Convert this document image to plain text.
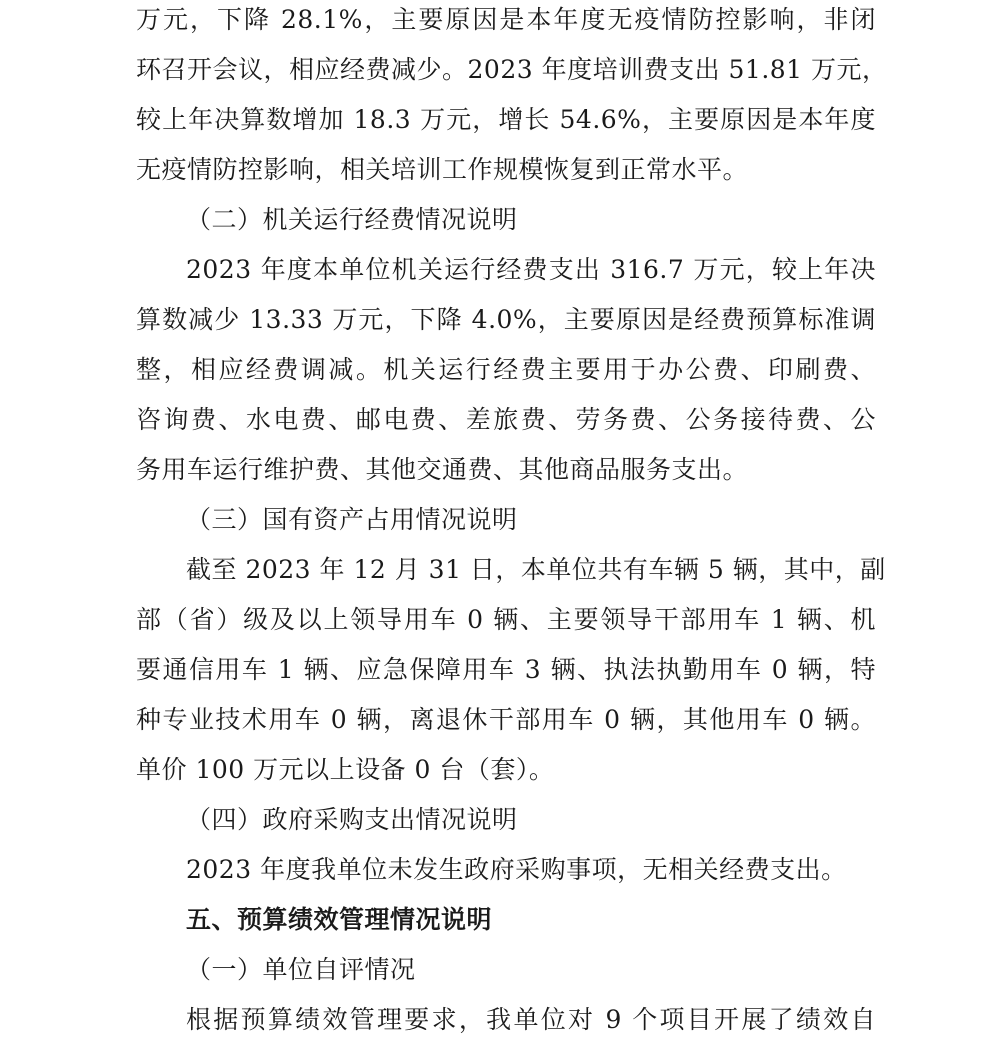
万元，下降 28.1%，主要原因是本年度无疫情防控影响，非闭
环召开会议，相应经费减少。2023 年度培训费支出 51.81 万元，
较上年决算数增加 18.3 万元，增长 54.6%，主要原因是本年度
无疫情防控影响，相关培训工作规模恢复到正常水平。
（二）机关运行经费情况说明
2023 年度本单位机关运行经费支出 316.7 万元，较上年决
算数减少 13.33 万元，下降 4.0%，主要原因是经费预算标准调
整，相应经费调减。机关运行经费主要用于办公费、印刷费、
咨询费、水电费、邮电费、差旅费、劳务费、公务接待费、公
务用车运行维护费、其他交通费、其他商品服务支出。
（三）国有资产占用情况说明
截至 2023 年 12 月 31 日，本单位共有车辆 5 辆，其中，副
部（省）级及以上领导用车 0 辆、主要领导干部用车 1 辆、机
要通信用车 1 辆、应急保障用车 3 辆、执法执勤用车 0 辆，特
种专业技术用车 0 辆，离退休干部用车 0 辆，其他用车 0 辆。
单价 100 万元以上设备 0 台（套）。
（四）政府采购支出情况说明
2023 年度我单位未发生政府采购事项，无相关经费支出。
五、预算绩效管理情况说明
（一）单位自评情况
根据预算绩效管理要求，我单位对 9 个项目开展了绩效自
